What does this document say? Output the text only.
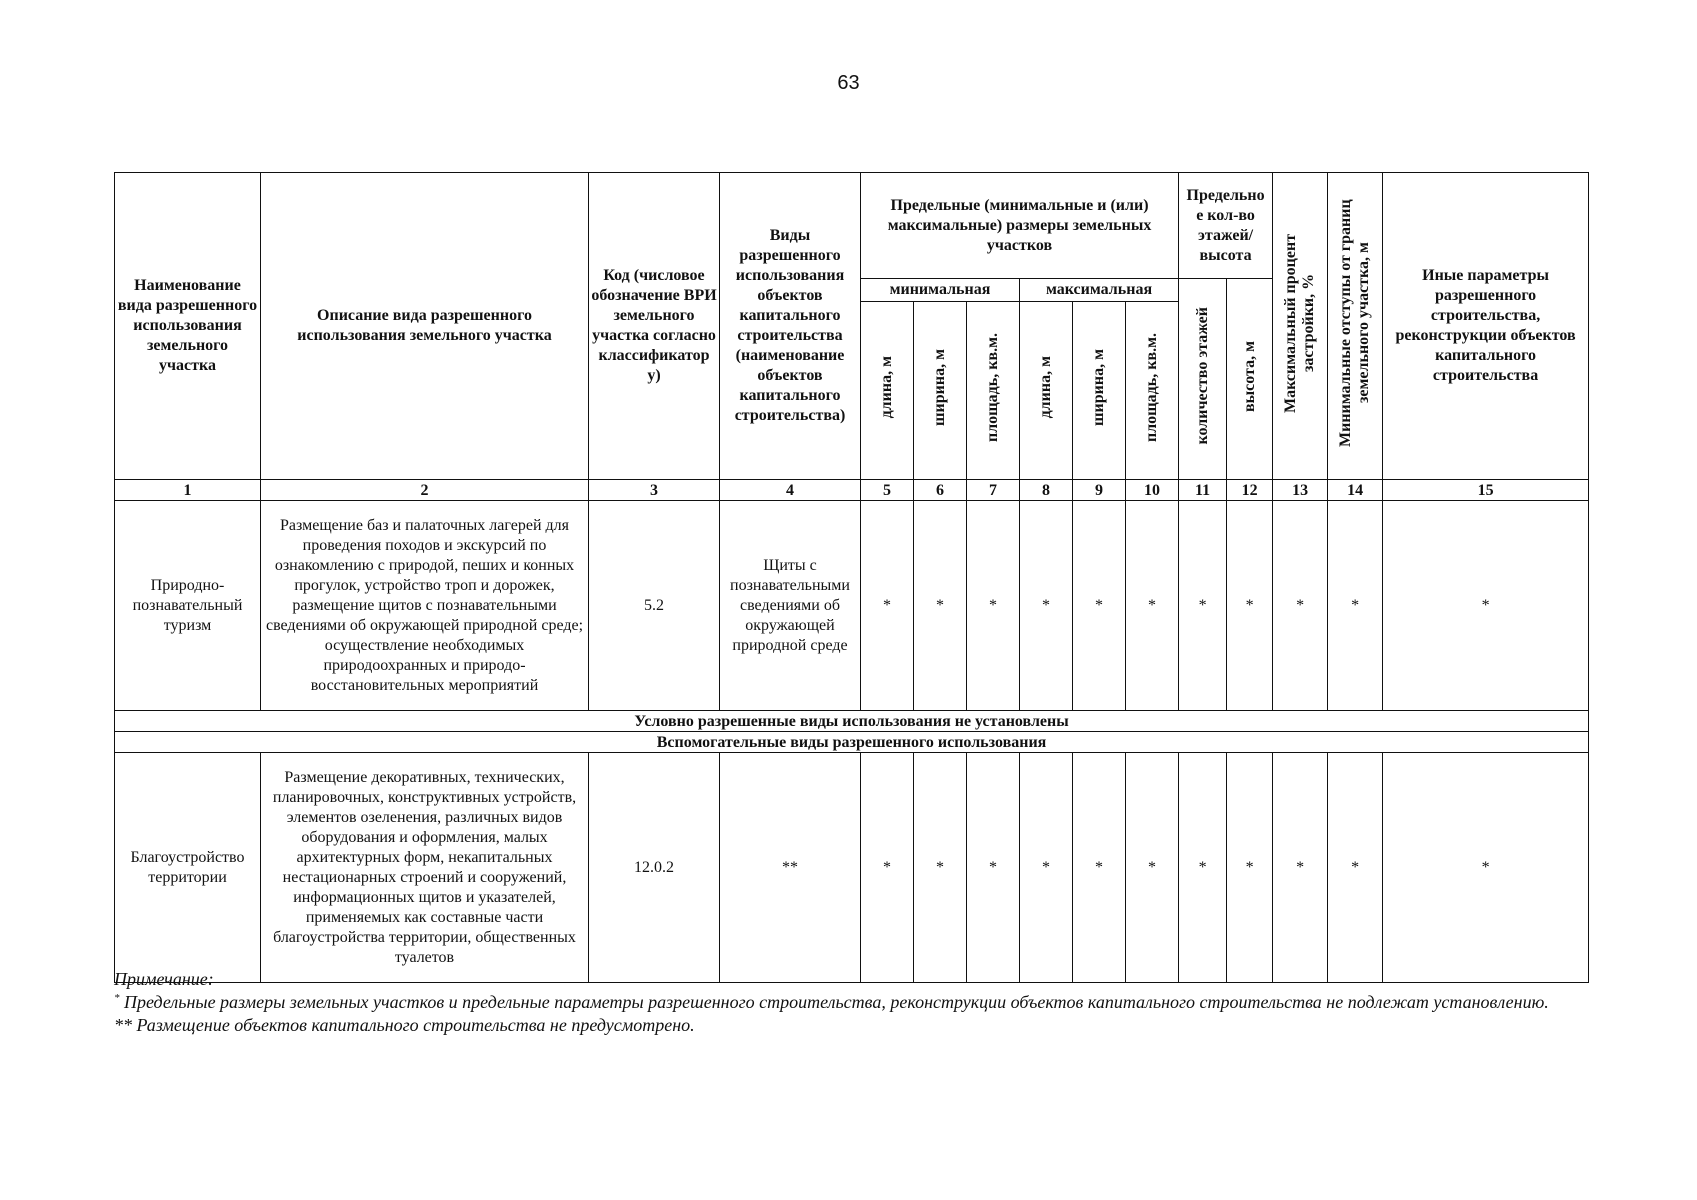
63
Наименование вида разрешенного использования земельного участка	Описание вида разрешенного использования земельного участка	Код (числовое обозначение ВРИ земельного участка согласно классификатор у)	Виды разрешенного использования объектов капитального строительства (наименование объектов капитального строительства)	Предельные (минимальные и (или) максимальные) размеры земельных участков						Предельно е кол-во этажей/ высота		Максимальный процент застройки, %	Минимальные отступы от границ земельного участка, м	Иные параметры разрешенного строительства, реконструкции объектов капитального строительства
				минимальная			максимальная			количество этажей	высота, м			
				длина, м	ширина, м	площадь, кв.м.	длина, м	ширина, м	площадь, кв.м.					
1	2	3	4	5	6	7	8	9	10	11	12	13	14	15
Природно-познавательный туризм	Размещение баз и палаточных лагерей для проведения походов и экскурсий по ознакомлению с природой, пеших и конных прогулок, устройство троп и дорожек, размещение щитов с познавательными сведениями об окружающей природной среде; осуществление необходимых природоохранных и природо-восстановительных мероприятий	5.2	Щиты с познавательными сведениями об окружающей природной среде	*	*	*	*	*	*	*	*	*	*	*
Условно разрешенные виды использования не установлены														
Вспомогательные виды разрешенного использования														
Благоустройство территории	Размещение декоративных, технических, планировочных, конструктивных устройств, элементов озеленения, различных видов оборудования и оформления, малых архитектурных форм, некапитальных нестационарных строений и сооружений, информационных щитов и указателей, применяемых как составные части благоустройства территории, общественных туалетов	12.0.2	**	*	*	*	*	*	*	*	*	*	*	*

Примечание:

* Предельные размеры земельных участков и предельные параметры разрешенного строительства, реконструкции объектов капитального строительства не подлежат установлению.

** Размещение объектов капитального строительства не предусмотрено.
